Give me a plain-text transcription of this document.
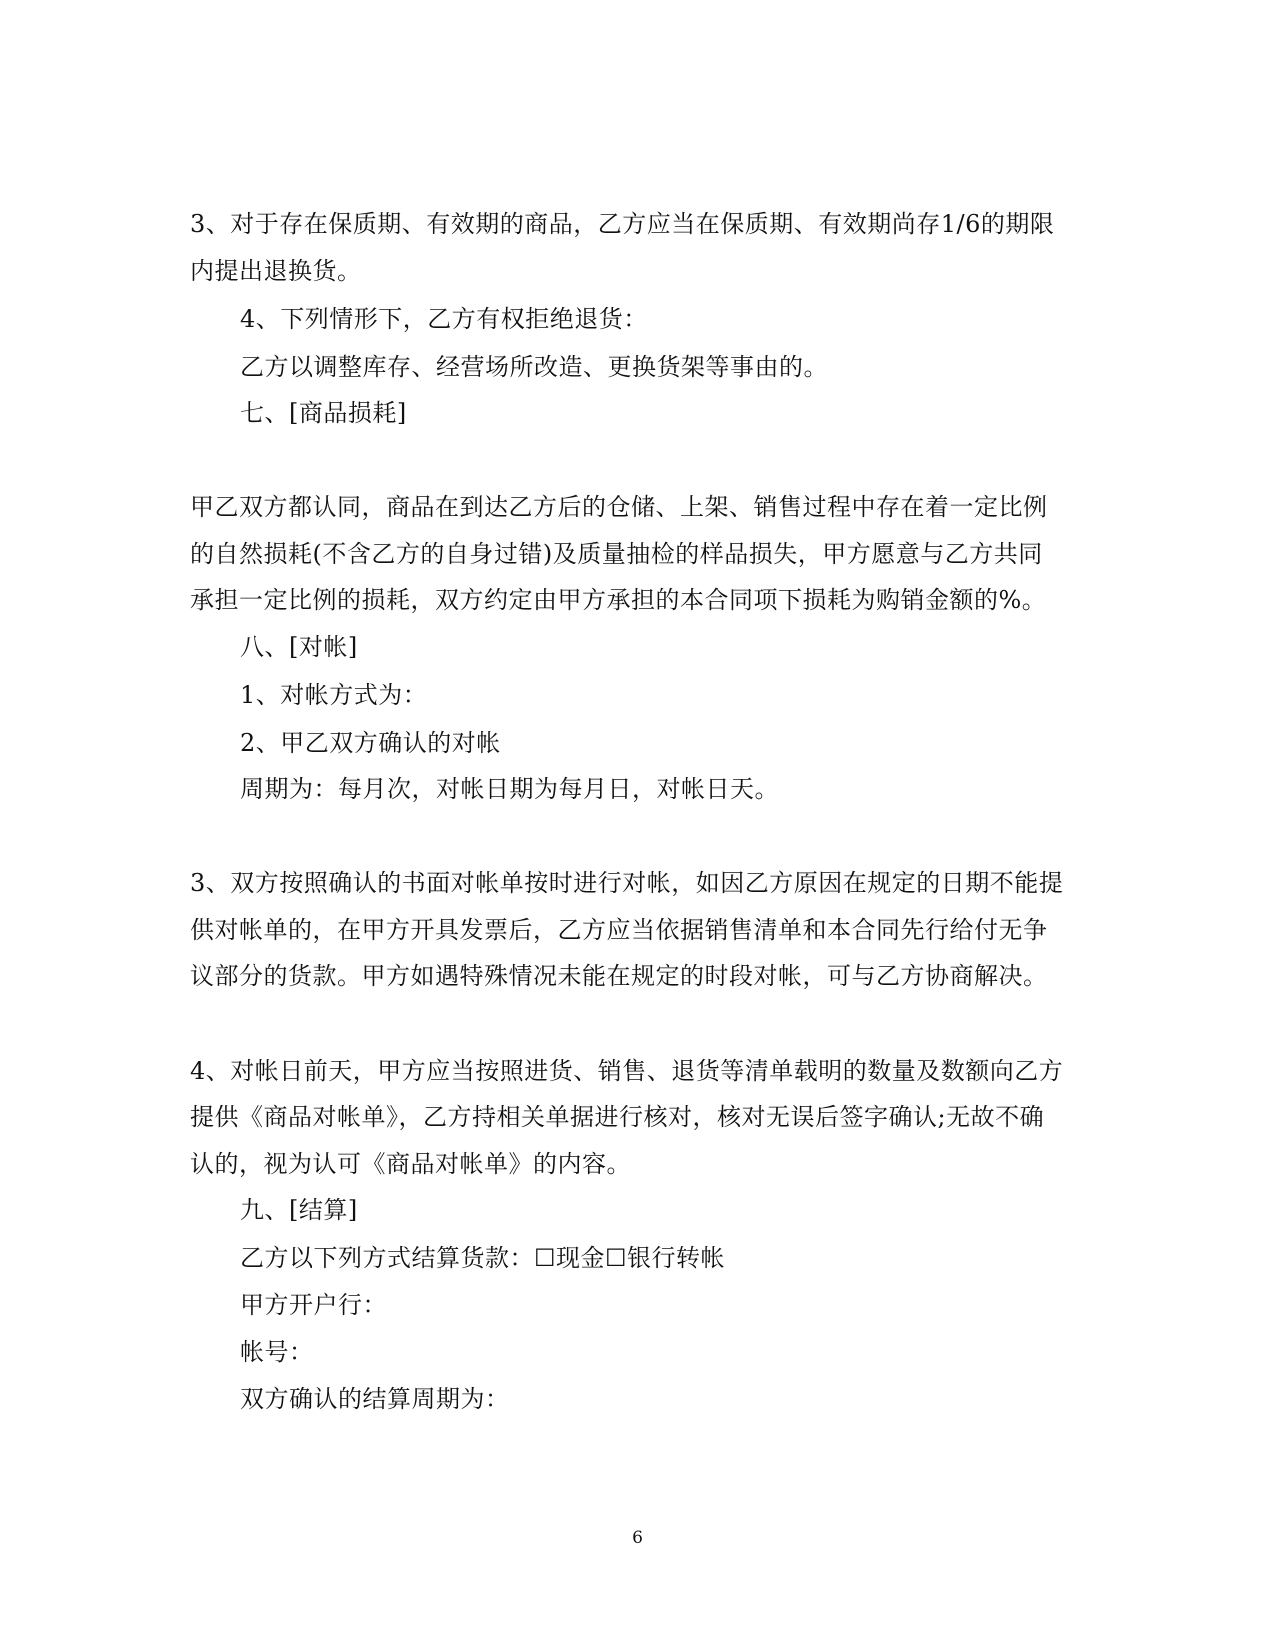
3、对于存在保质期、有效期的商品，乙方应当在保质期、有效期尚存1/6的期限
内提出退换货。
4、下列情形下，乙方有权拒绝退货：
乙方以调整库存、经营场所改造、更换货架等事由的。
七、[商品损耗]
甲乙双方都认同，商品在到达乙方后的仓储、上架、销售过程中存在着一定比例
的自然损耗(不含乙方的自身过错)及质量抽检的样品损失，甲方愿意与乙方共同
承担一定比例的损耗，双方约定由甲方承担的本合同项下损耗为购销金额的%。
八、[对帐]
1、对帐方式为：
2、甲乙双方确认的对帐
周期为：每月次，对帐日期为每月日，对帐日天。
3、双方按照确认的书面对帐单按时进行对帐，如因乙方原因在规定的日期不能提
供对帐单的，在甲方开具发票后，乙方应当依据销售清单和本合同先行给付无争
议部分的货款。甲方如遇特殊情况未能在规定的时段对帐，可与乙方协商解决。
4、对帐日前天，甲方应当按照进货、销售、退货等清单载明的数量及数额向乙方
提供《商品对帐单》，乙方持相关单据进行核对，核对无误后签字确认;无故不确
认的，视为认可《商品对帐单》的内容。
九、[结算]
乙方以下列方式结算货款：☐现金☐银行转帐
甲方开户行：
帐号：
双方确认的结算周期为：
6
